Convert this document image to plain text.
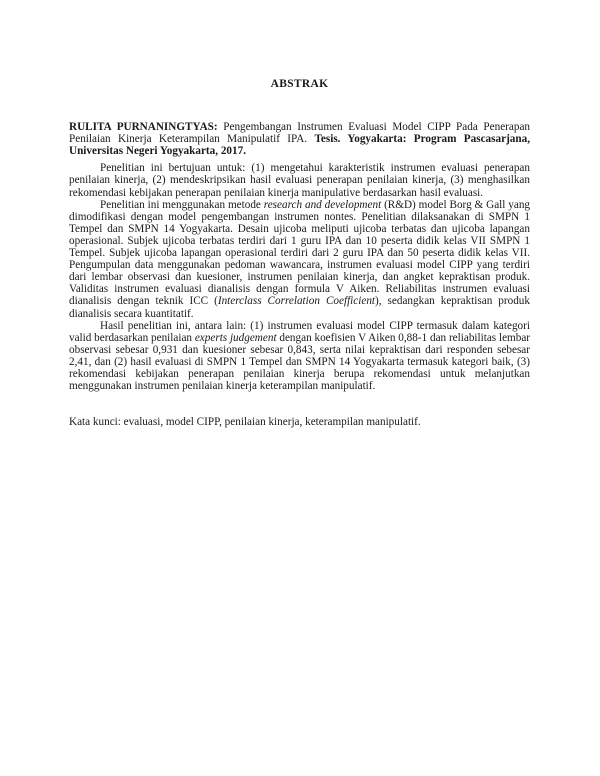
ABSTRAK

RULITA PURNANINGTYAS: Pengembangan Instrumen Evaluasi Model CIPP Pada Penerapan Penilaian Kinerja Keterampilan Manipulatif IPA. Tesis. Yogyakarta: Program Pascasarjana, Universitas Negeri Yogyakarta, 2017.

Penelitian ini bertujuan untuk: (1) mengetahui karakteristik instrumen evaluasi penerapan penilaian kinerja, (2) mendeskripsikan hasil evaluasi penerapan penilaian kinerja, (3) menghasilkan rekomendasi kebijakan penerapan penilaian kinerja manipulative berdasarkan hasil evaluasi.

Penelitian ini menggunakan metode research and development (R&D) model Borg & Gall yang dimodifikasi dengan model pengembangan instrumen nontes. Penelitian dilaksanakan di SMPN 1 Tempel dan SMPN 14 Yogyakarta. Desain ujicoba meliputi ujicoba terbatas dan ujicoba lapangan operasional. Subjek ujicoba terbatas terdiri dari 1 guru IPA dan 10 peserta didik kelas VII SMPN 1 Tempel. Subjek ujicoba lapangan operasional terdiri dari 2 guru IPA dan 50 peserta didik kelas VII. Pengumpulan data menggunakan pedoman wawancara, instrumen evaluasi model CIPP yang terdiri dari lembar observasi dan kuesioner, instrumen penilaian kinerja, dan angket kepraktisan produk. Validitas instrumen evaluasi dianalisis dengan formula V Aiken. Reliabilitas instrumen evaluasi dianalisis dengan teknik ICC (Interclass Correlation Coefficient), sedangkan kepraktisan produk dianalisis secara kuantitatif.

Hasil penelitian ini, antara lain: (1) instrumen evaluasi model CIPP termasuk dalam kategori valid berdasarkan penilaian experts judgement dengan koefisien V Aiken 0,88-1 dan reliabilitas lembar observasi sebesar 0,931 dan kuesioner sebesar 0,843, serta nilai kepraktisan dari responden sebesar 2,41, dan (2) hasil evaluasi di SMPN 1 Tempel dan SMPN 14 Yogyakarta termasuk kategori baik, (3) rekomendasi kebijakan penerapan penilaian kinerja berupa rekomendasi untuk melanjutkan menggunakan instrumen penilaian kinerja keterampilan manipulatif.

Kata kunci: evaluasi, model CIPP, penilaian kinerja, keterampilan manipulatif.
